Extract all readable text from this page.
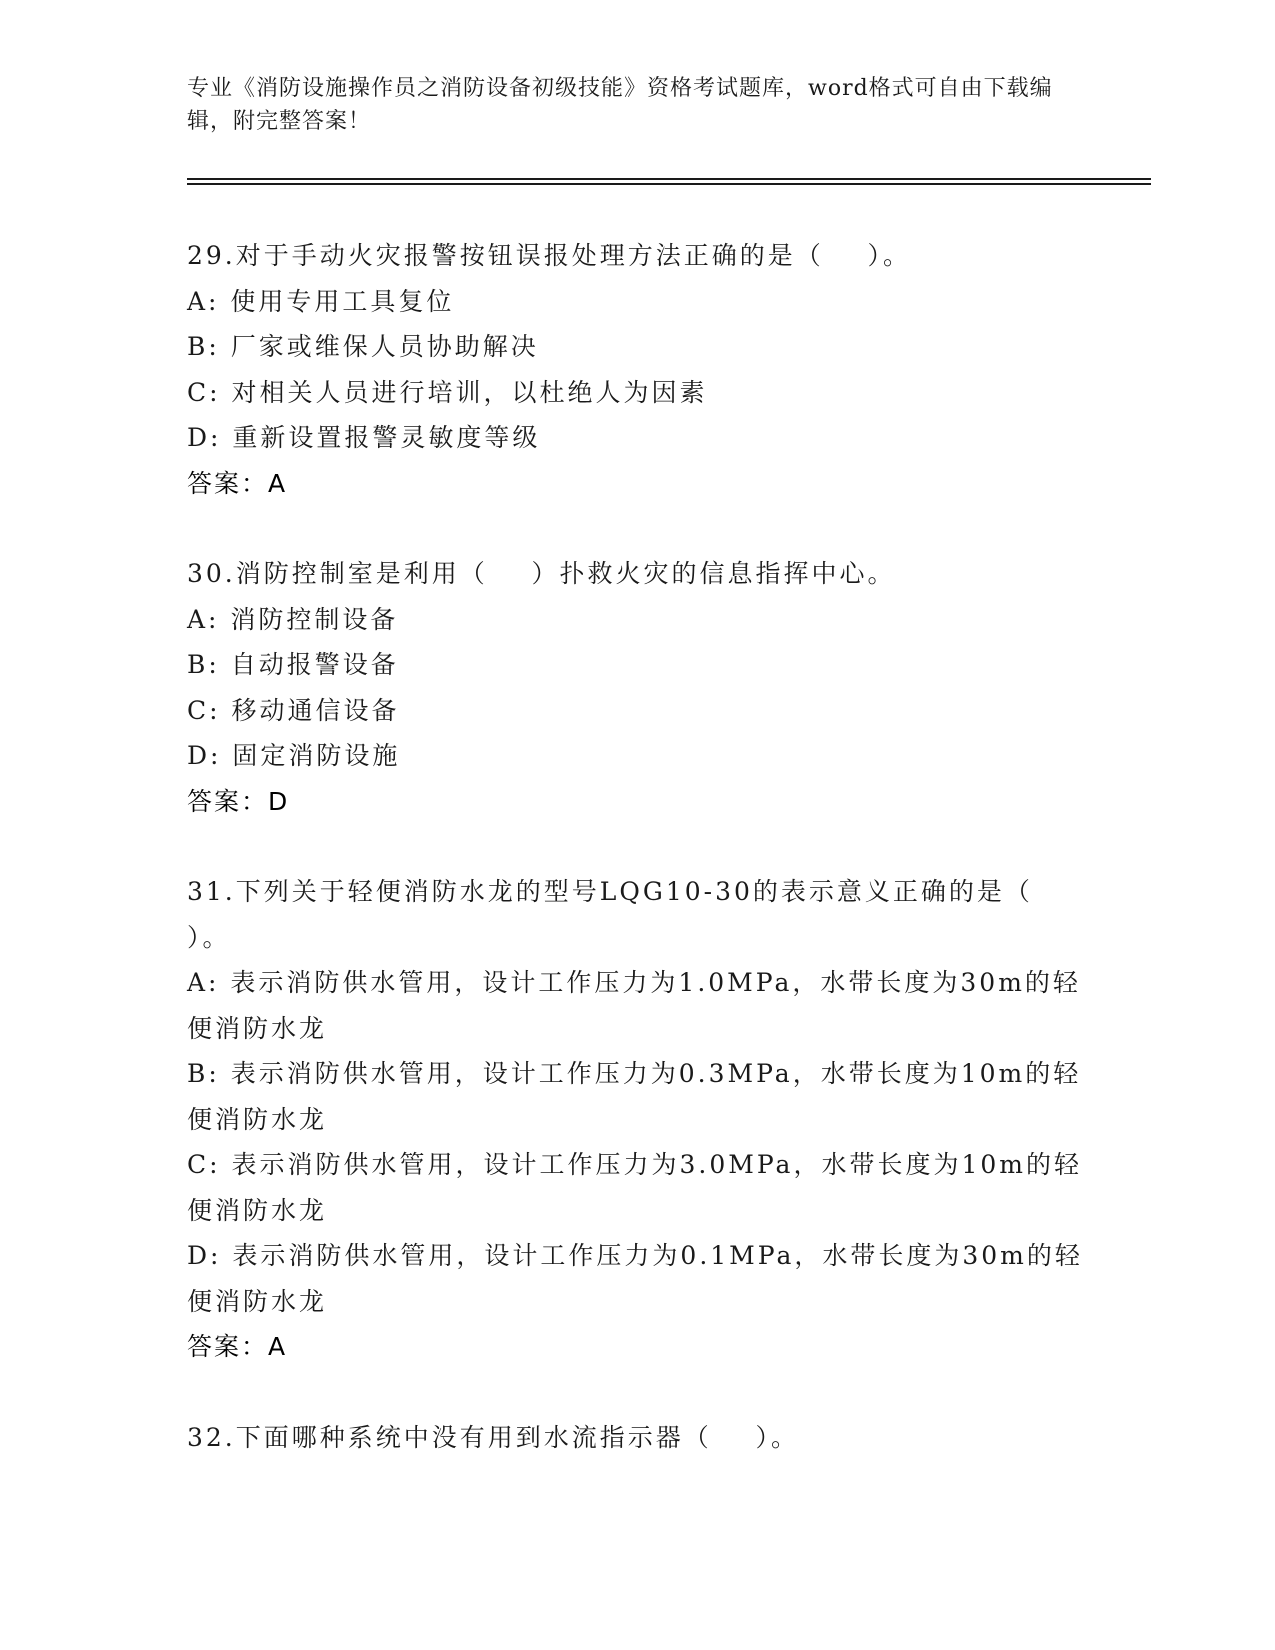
专业《消防设施操作员之消防设备初级技能》资格考试题库，word格式可自由下载编辑，附完整答案！
29.对于手动火灾报警按钮误报处理方法正确的是（    ）。
A: 使用专用工具复位
B: 厂家或维保人员协助解决
C: 对相关人员进行培训，以杜绝人为因素
D: 重新设置报警灵敏度等级
答案：A
30.消防控制室是利用（    ）扑救火灾的信息指挥中心。
A: 消防控制设备
B: 自动报警设备
C: 移动通信设备
D: 固定消防设施
答案：D
31.下列关于轻便消防水龙的型号LQG10-30的表示意义正确的是（    ）。
A: 表示消防供水管用，设计工作压力为1.0MPa，水带长度为30m的轻便消防水龙
B: 表示消防供水管用，设计工作压力为0.3MPa，水带长度为10m的轻便消防水龙
C: 表示消防供水管用，设计工作压力为3.0MPa，水带长度为10m的轻便消防水龙
D: 表示消防供水管用，设计工作压力为0.1MPa，水带长度为30m的轻便消防水龙
答案：A
32.下面哪种系统中没有用到水流指示器（    ）。
